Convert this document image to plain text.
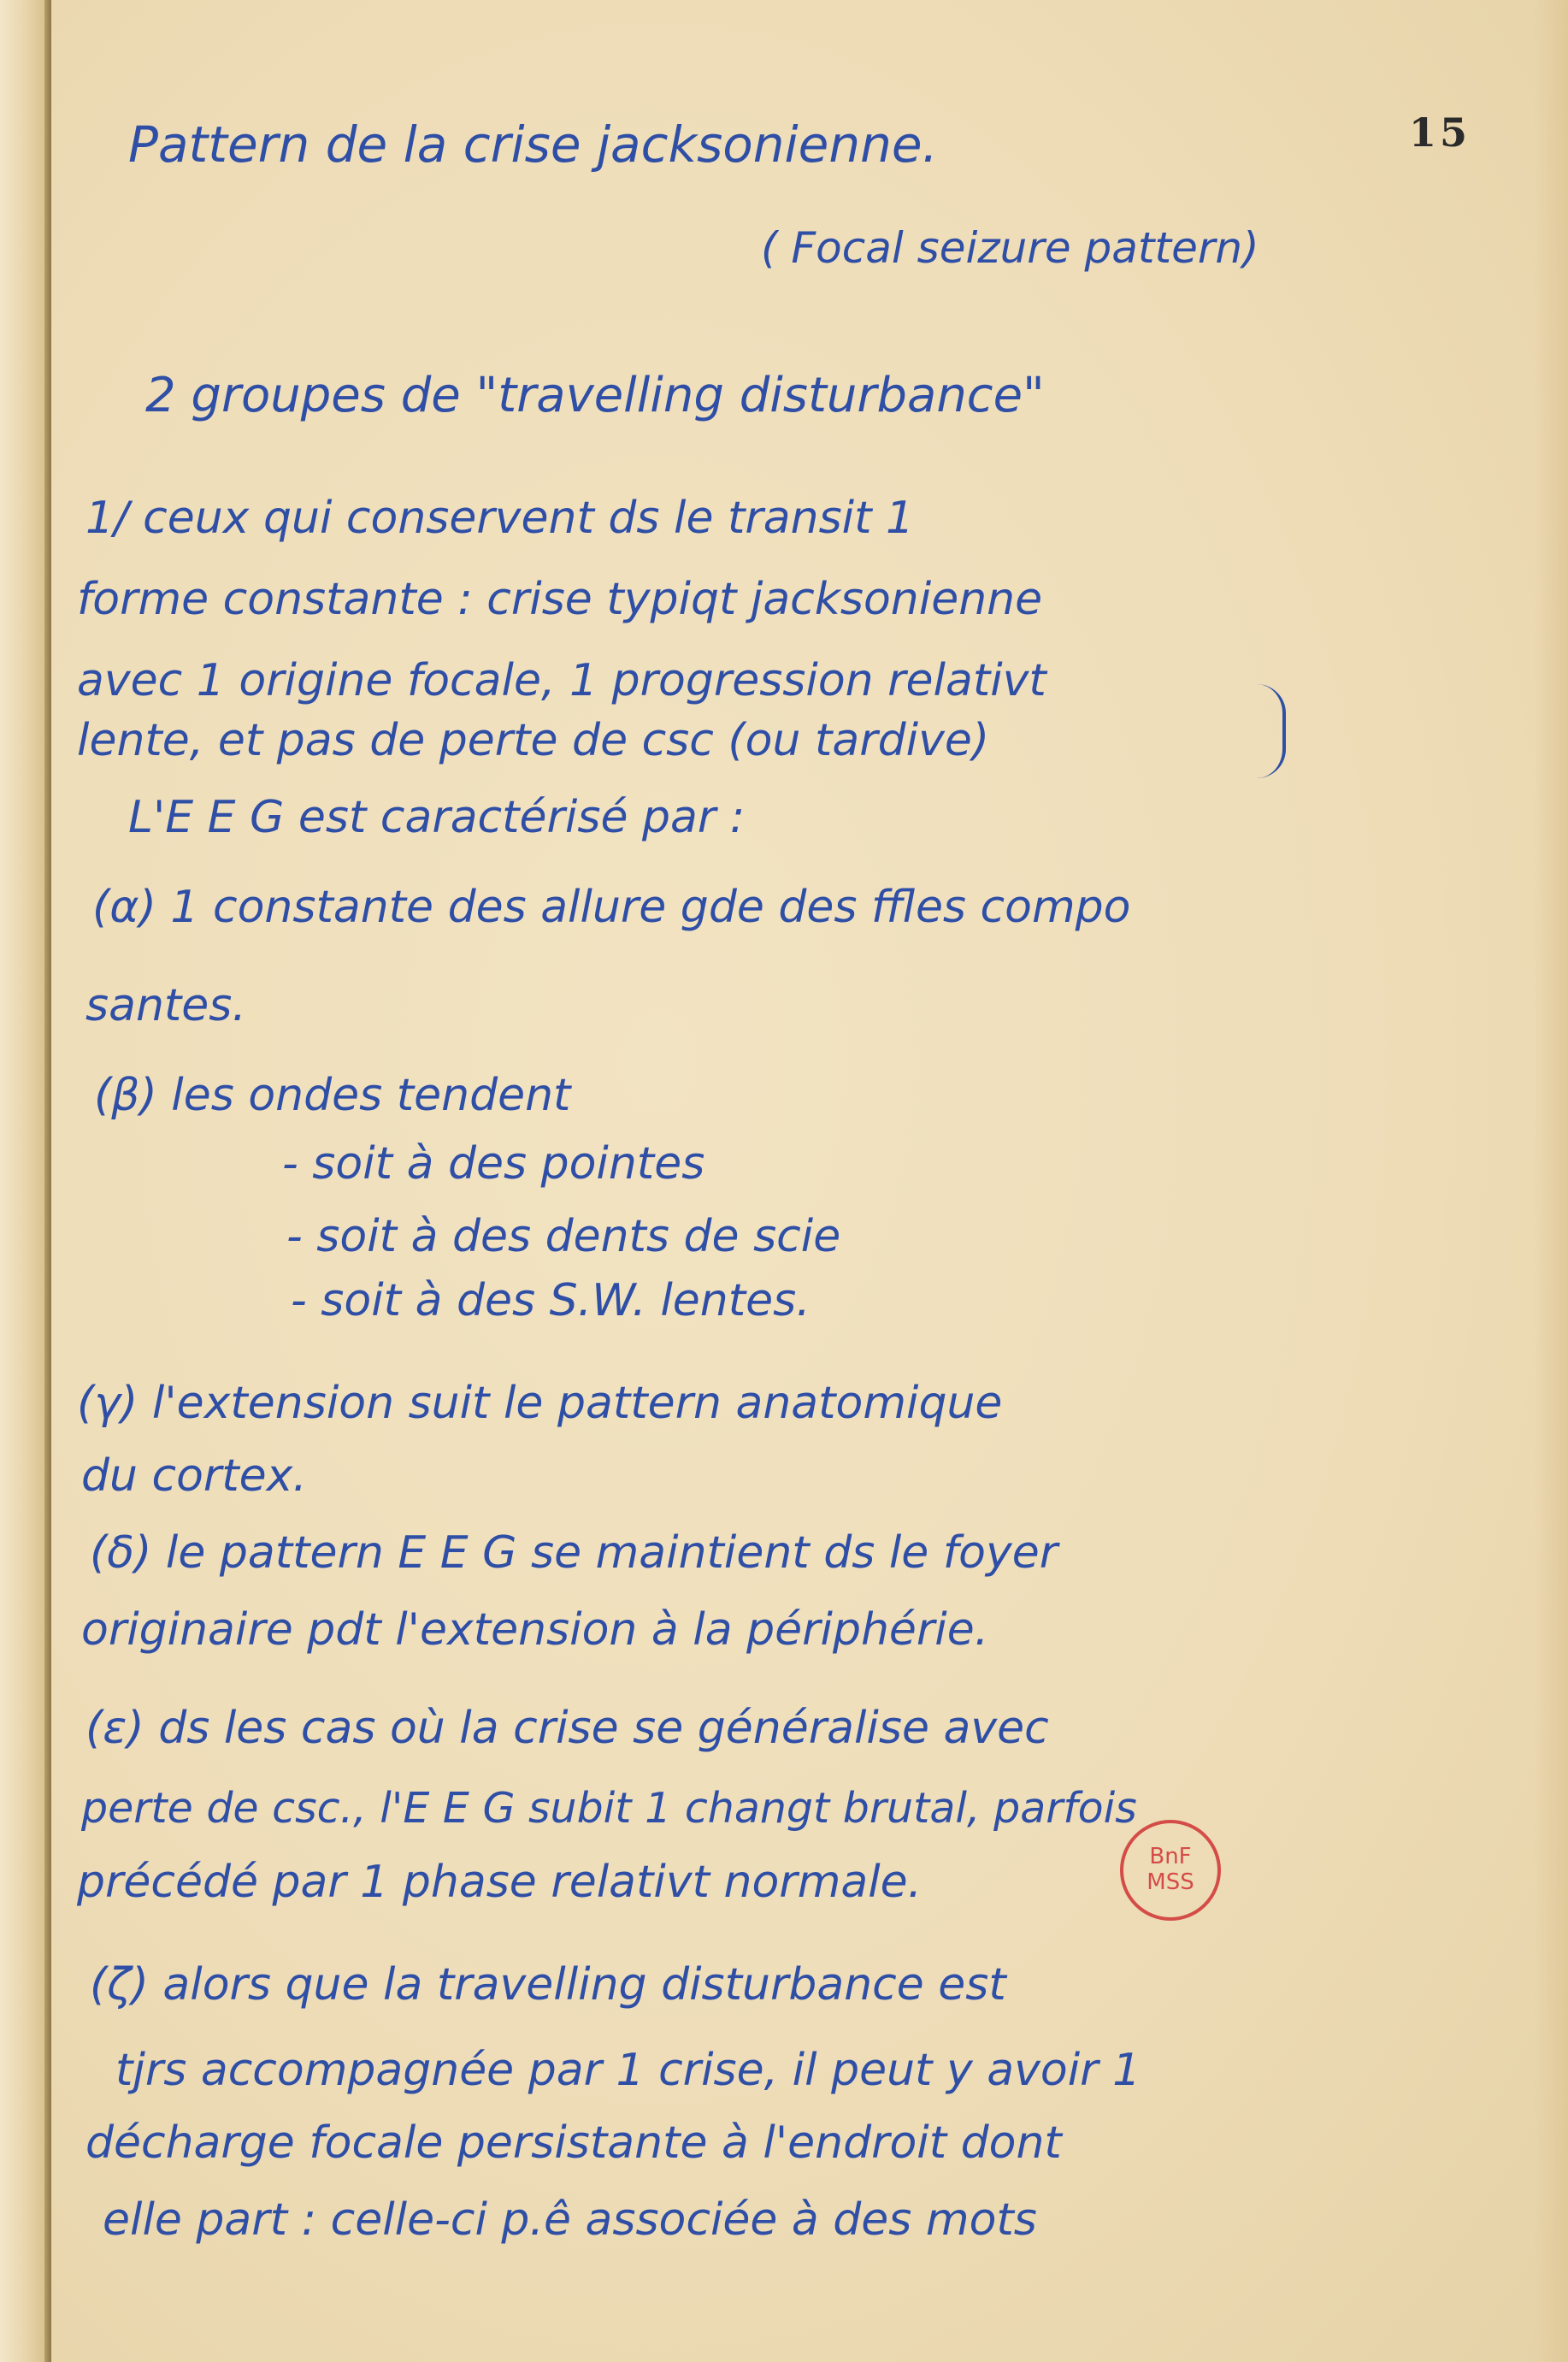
15
Pattern de la crise jacksonienne.
( Focal seizure pattern)
2 groupes de "travelling disturbance"
1/ ceux qui conservent ds le transit 1
forme constante : crise typiqt jacksonienne
avec 1 origine focale, 1 progression relativt
lente, et pas de perte de csc (ou tardive)
L'E E G est caractérisé par :
(α) 1 constante des allure gde des ffles compo
santes.
(β) les ondes tendent
- soit à des pointes
- soit à des dents de scie
- soit à des S.W. lentes.
(γ) l'extension suit le pattern anatomique
du cortex.
(δ) le pattern E E G se maintient ds le foyer
originaire pdt l'extension à la périphérie.
(ε) ds les cas où la crise se généralise avec
perte de csc., l'E E G subit 1 changt brutal, parfois
précédé par 1 phase relativt normale.
(ζ) alors que la travelling disturbance est
tjrs accompagnée par 1 crise, il peut y avoir 1
décharge focale persistante à l'endroit dont
elle part : celle-ci p.ê associée à des mots
BnF
MSS
